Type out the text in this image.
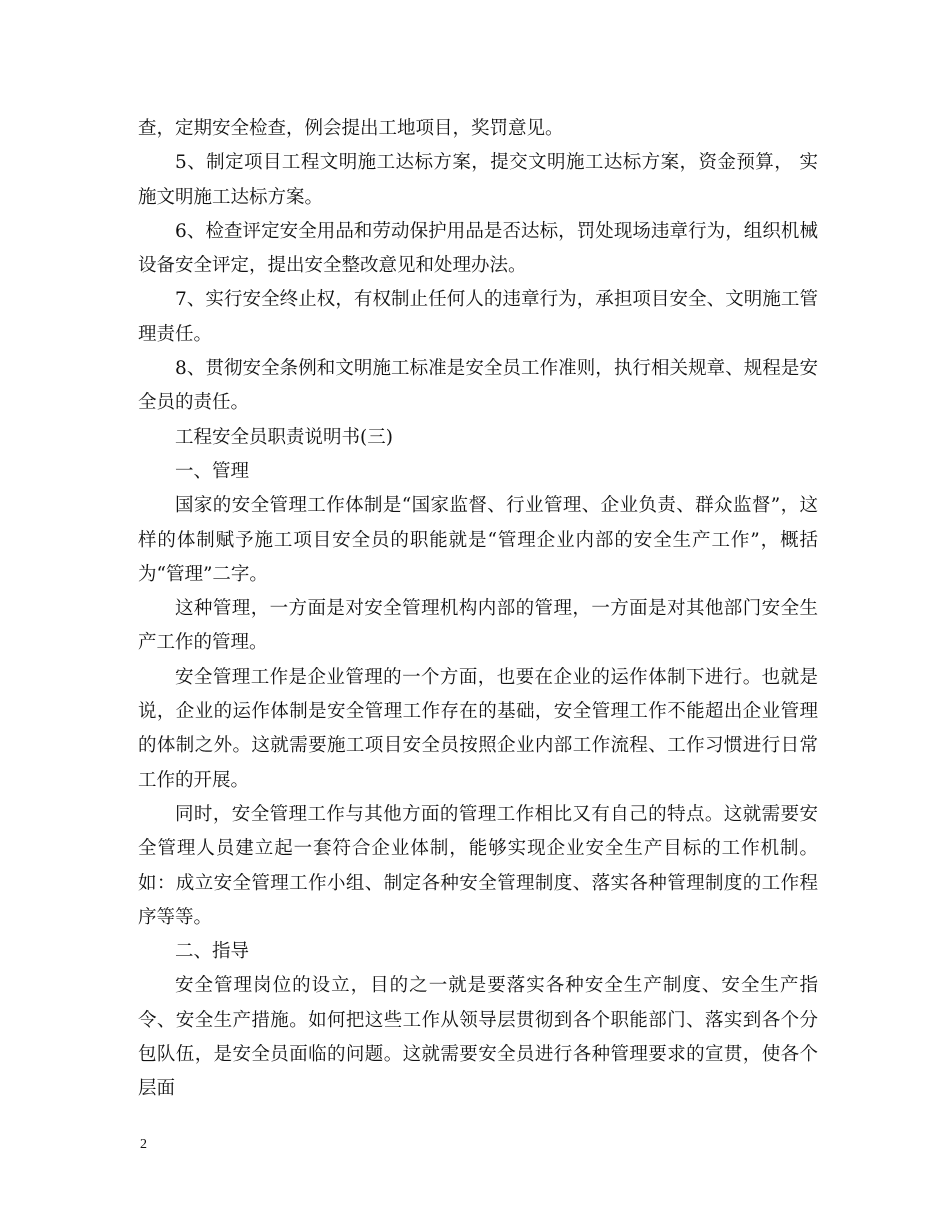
查，定期安全检查，例会提出工地项目，奖罚意见。

5、制定项目工程文明施工达标方案，提交文明施工达标方案，资金预算， 实施文明施工达标方案。

6、检查评定安全用品和劳动保护用品是否达标，罚处现场违章行为，组织机械设备安全评定，提出安全整改意见和处理办法。

7、实行安全终止权，有权制止任何人的违章行为，承担项目安全、文明施工管理责任。

8、贯彻安全条例和文明施工标准是安全员工作准则，执行相关规章、规程是安全员的责任。

工程安全员职责说明书(三)

一、管理

国家的安全管理工作体制是“国家监督、行业管理、企业负责、群众监督”，这样的体制赋予施工项目安全员的职能就是“管理企业内部的安全生产工作”，概括为“管理”二字。

这种管理，一方面是对安全管理机构内部的管理，一方面是对其他部门安全生产工作的管理。

安全管理工作是企业管理的一个方面，也要在企业的运作体制下进行。也就是说，企业的运作体制是安全管理工作存在的基础，安全管理工作不能超出企业管理的体制之外。这就需要施工项目安全员按照企业内部工作流程、工作习惯进行日常工作的开展。

同时，安全管理工作与其他方面的管理工作相比又有自己的特点。这就需要安全管理人员建立起一套符合企业体制，能够实现企业安全生产目标的工作机制。如：成立安全管理工作小组、制定各种安全管理制度、落实各种管理制度的工作程序等等。

二、指导

安全管理岗位的设立，目的之一就是要落实各种安全生产制度、安全生产指令、安全生产措施。如何把这些工作从领导层贯彻到各个职能部门、落实到各个分包队伍，是安全员面临的问题。这就需要安全员进行各种管理要求的宣贯，使各个层面

2
